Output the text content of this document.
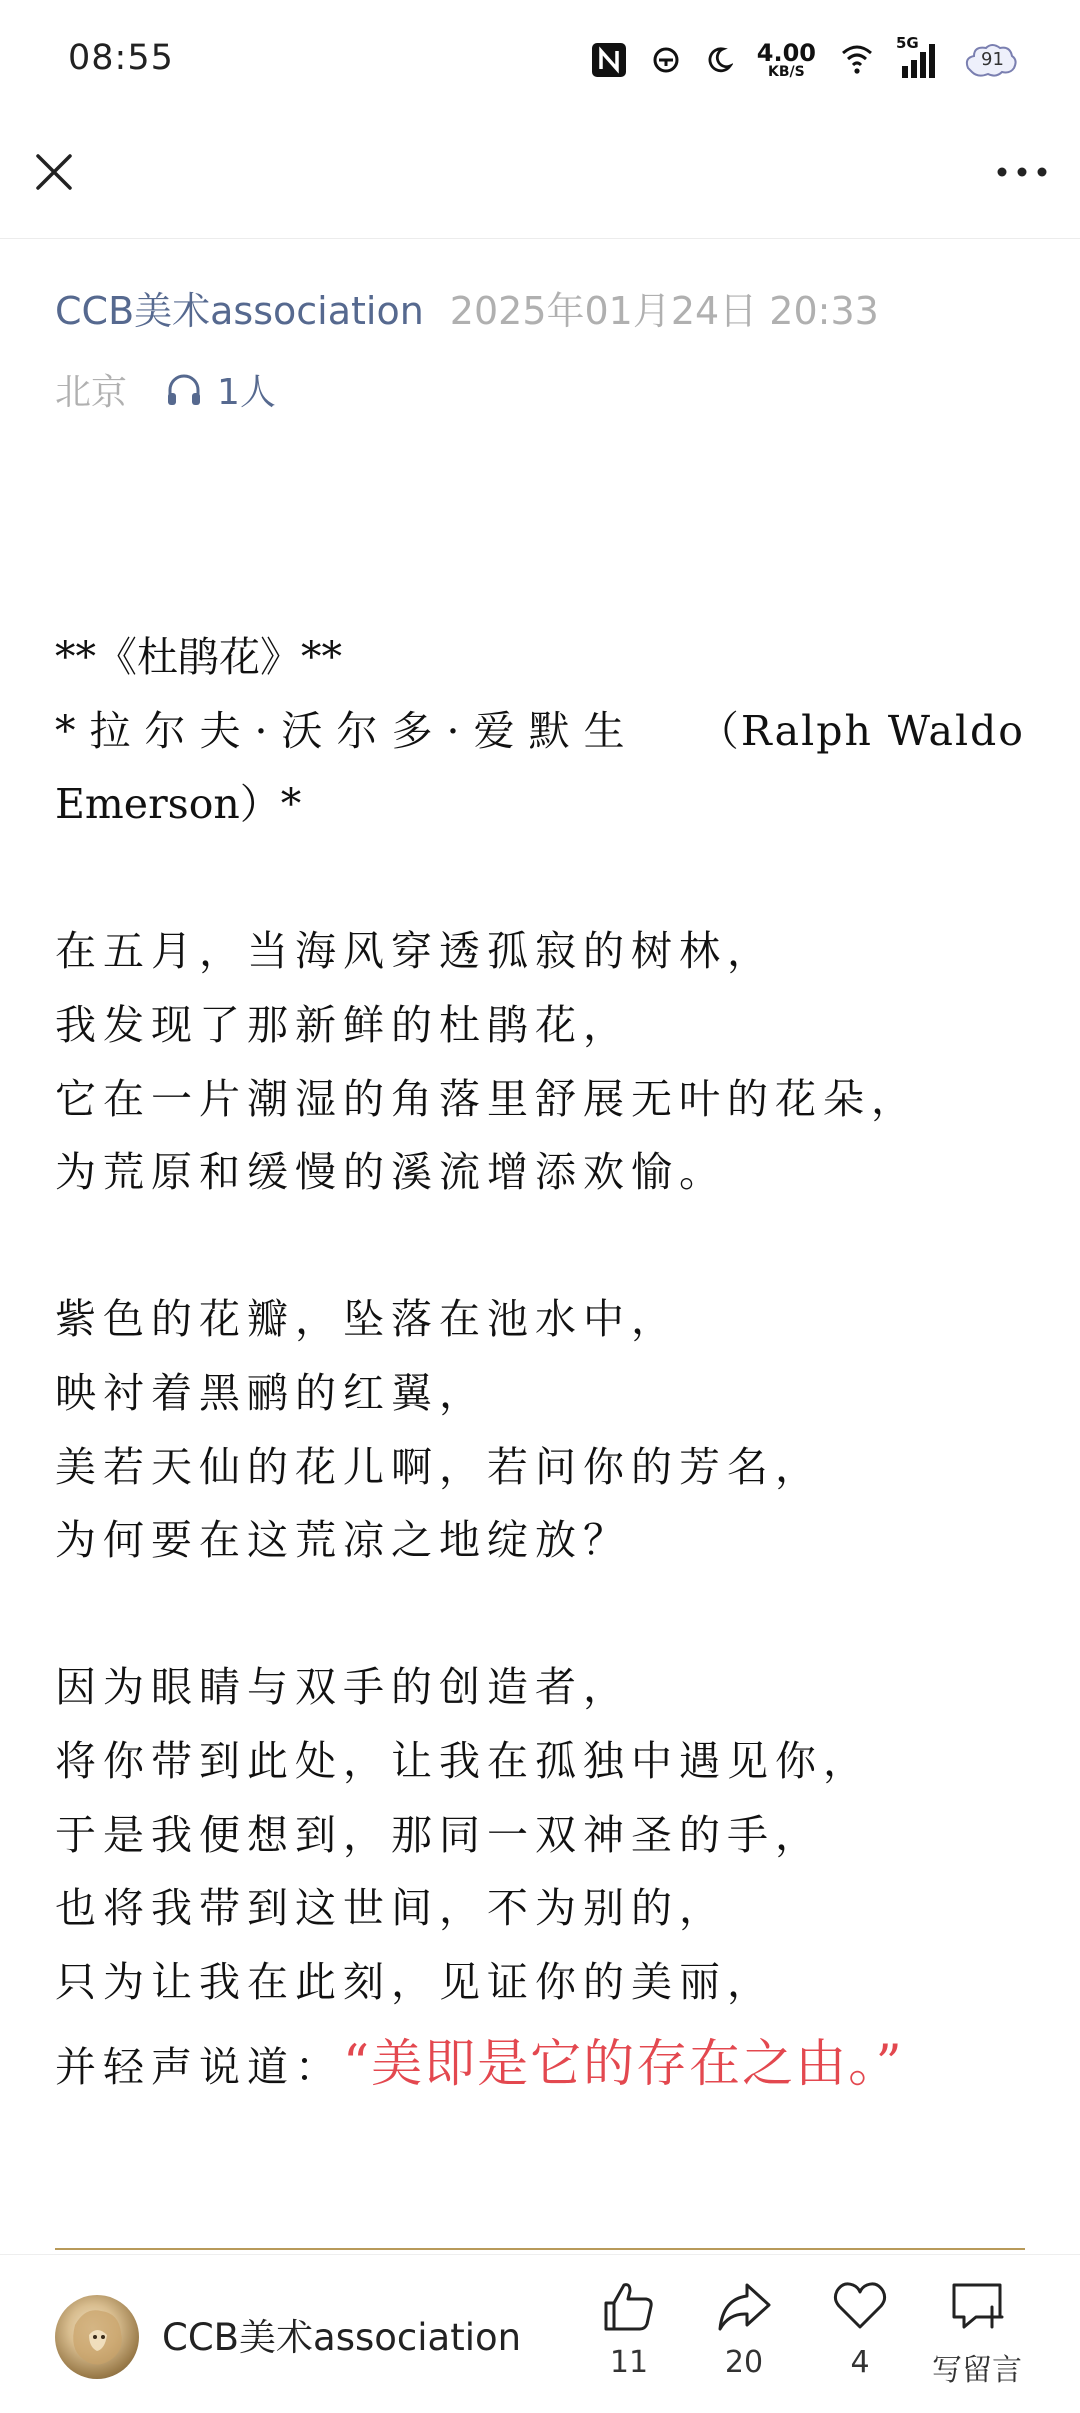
08:55	4.00
KB/S
5G
91
CCB美术association 2025年01月24日 20:33
北京	1人
**《杜鹃花》**
*拉尔夫·沃尔多·爱默生 （Ralph Waldo
Emerson）*
在五月，当海风穿透孤寂的树林，
我发现了那新鲜的杜鹃花，
它在一片潮湿的角落里舒展无叶的花朵，
为荒原和缓慢的溪流增添欢愉。
紫色的花瓣，坠落在池水中，
映衬着黑鹂的红翼，
美若天仙的花儿啊，若问你的芳名，
为何要在这荒凉之地绽放？
因为眼睛与双手的创造者，
将你带到此处，让我在孤独中遇见你，
于是我便想到，那同一双神圣的手，
也将我带到这世间，不为别的，
只为让我在此刻，见证你的美丽，
并轻声说道：“美即是它的存在之由。”
CCB美术association
11	20	4 写留言
